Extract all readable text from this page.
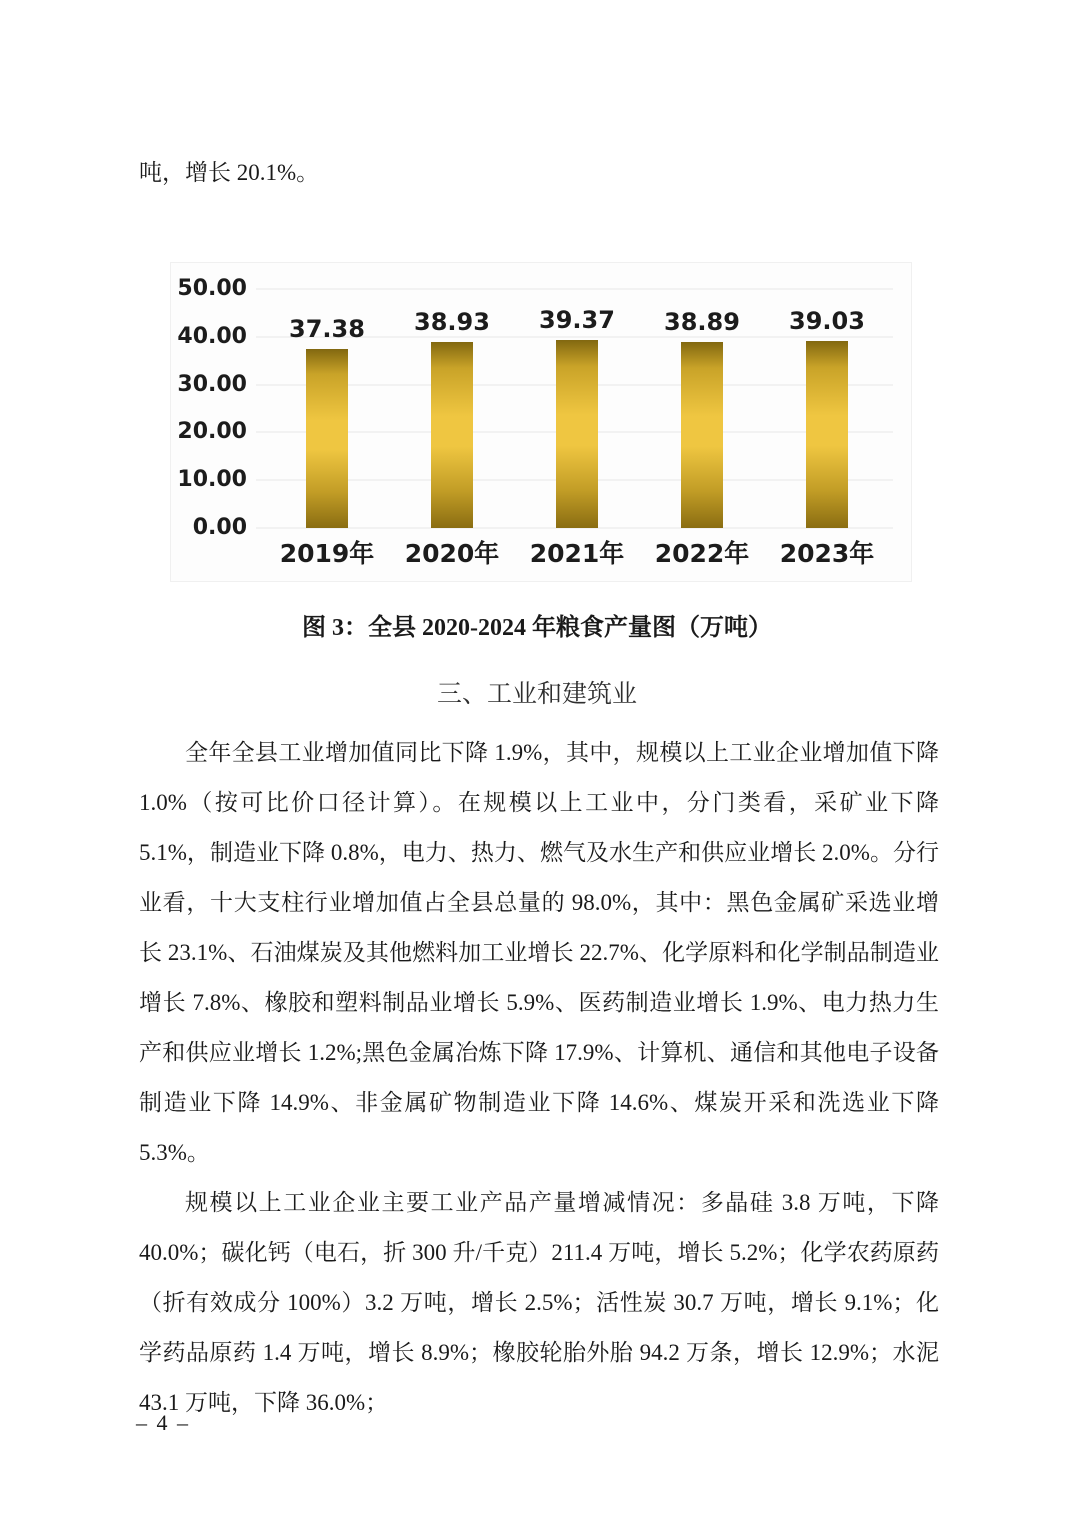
吨，增长 20.1%。
50.00
40.00
30.00
20.00
10.00
0.00
37.38
2019年
38.93
2020年
39.37
2021年
38.89
2022年
39.03
2023年
图 3：全县 2020-2024 年粮食产量图（万吨）
三、工业和建筑业

全年全县工业增加值同比下降 1.9%，其中，规模以上工业企业增加值下降 1.0%（按可比价口径计算）。在规模以上工业中，分门类看，采矿业下降 5.1%，制造业下降 0.8%，电力、热力、燃气及水生产和供应业增长 2.0%。分行业看，十大支柱行业增加值占全县总量的 98.0%，其中：黑色金属矿采选业增长 23.1%、石油煤炭及其他燃料加工业增长 22.7%、化学原料和化学制品制造业增长 7.8%、橡胶和塑料制品业增长 5.9%、医药制造业增长 1.9%、电力热力生产和供应业增长 1.2%;黑色金属冶炼下降 17.9%、计算机、通信和其他电子设备制造业下降 14.9%、非金属矿物制造业下降 14.6%、煤炭开采和洗选业下降 5.3%。

规模以上工业企业主要工业产品产量增减情况：多晶硅 3.8 万吨，下降 40.0%；碳化钙（电石，折 300 升/千克）211.4 万吨，增长 5.2%；化学农药原药（折有效成分 100%）3.2 万吨，增长 2.5%；活性炭 30.7 万吨，增长 9.1%；化学药品原药 1.4 万吨，增长 8.9%；橡胶轮胎外胎 94.2 万条，增长 12.9%；水泥 43.1 万吨，下降 36.0%；

– 4 –
